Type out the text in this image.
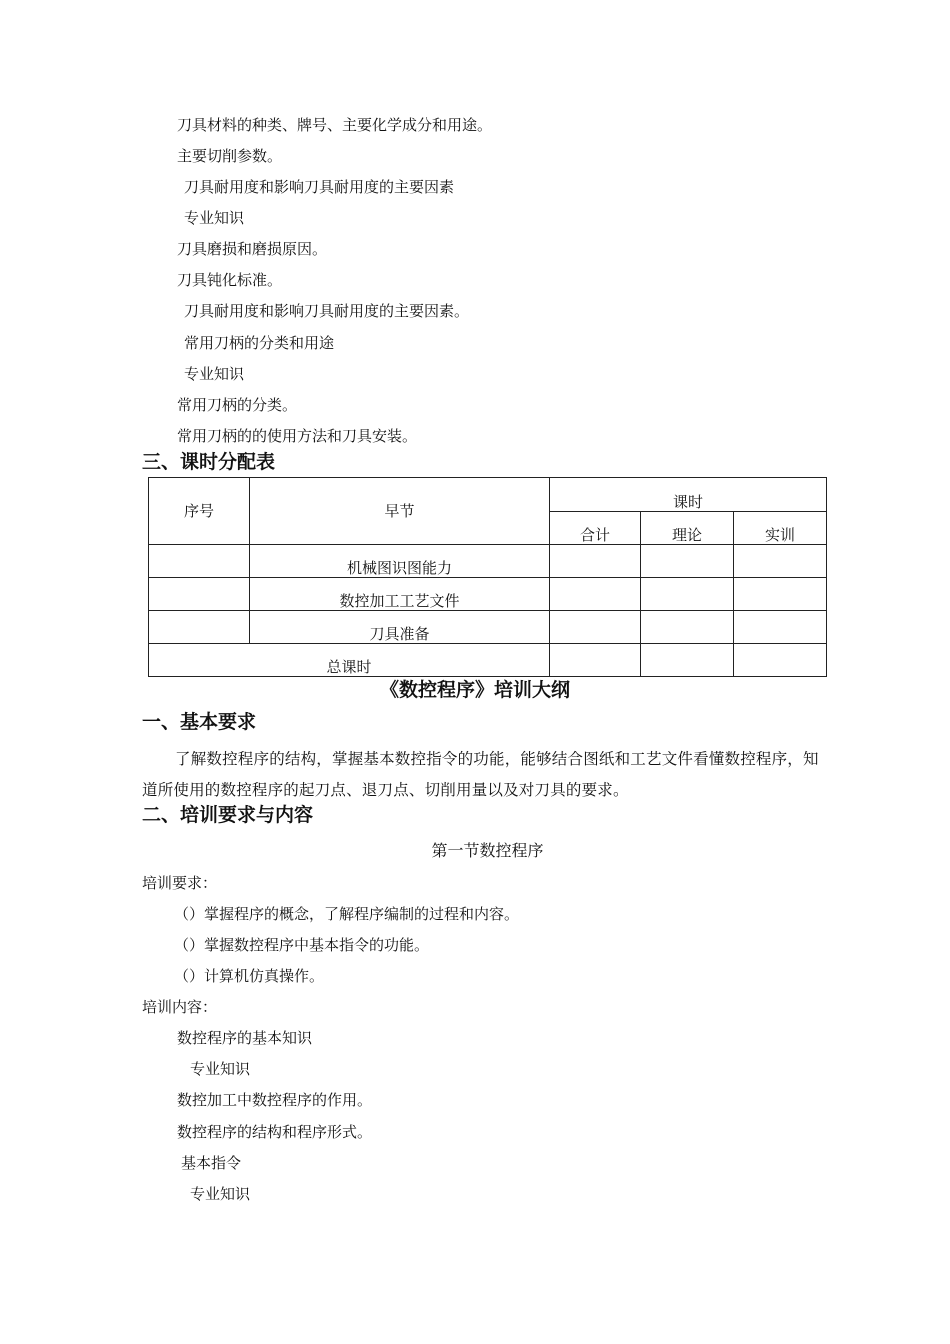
刀具材料的种类、牌号、主要化学成分和用途。
主要切削参数。
刀具耐用度和影响刀具耐用度的主要因素
专业知识
刀具磨损和磨损原因。
刀具钝化标准。
刀具耐用度和影响刀具耐用度的主要因素。
常用刀柄的分类和用途
专业知识
常用刀柄的分类。
常用刀柄的的使用方法和刀具安装。
三、课时分配表
序号	早节	课时		
		合计	理论	实训
	机械图识图能力			
	数控加工工艺文件			
	刀具准备			
总课时				
《数控程序》培训大纲
一、基本要求
了解数控程序的结构，掌握基本数控指令的功能，能够结合图纸和工艺文件看懂数控程序，知道所使用的数控程序的起刀点、退刀点、切削用量以及对刀具的要求。
二、培训要求与内容
第一节数控程序
培训要求：
（）掌握程序的概念，了解程序编制的过程和内容。
（）掌握数控程序中基本指令的功能。
（）计算机仿真操作。
培训内容：
数控程序的基本知识
专业知识
数控加工中数控程序的作用。
数控程序的结构和程序形式。
基本指令
专业知识
